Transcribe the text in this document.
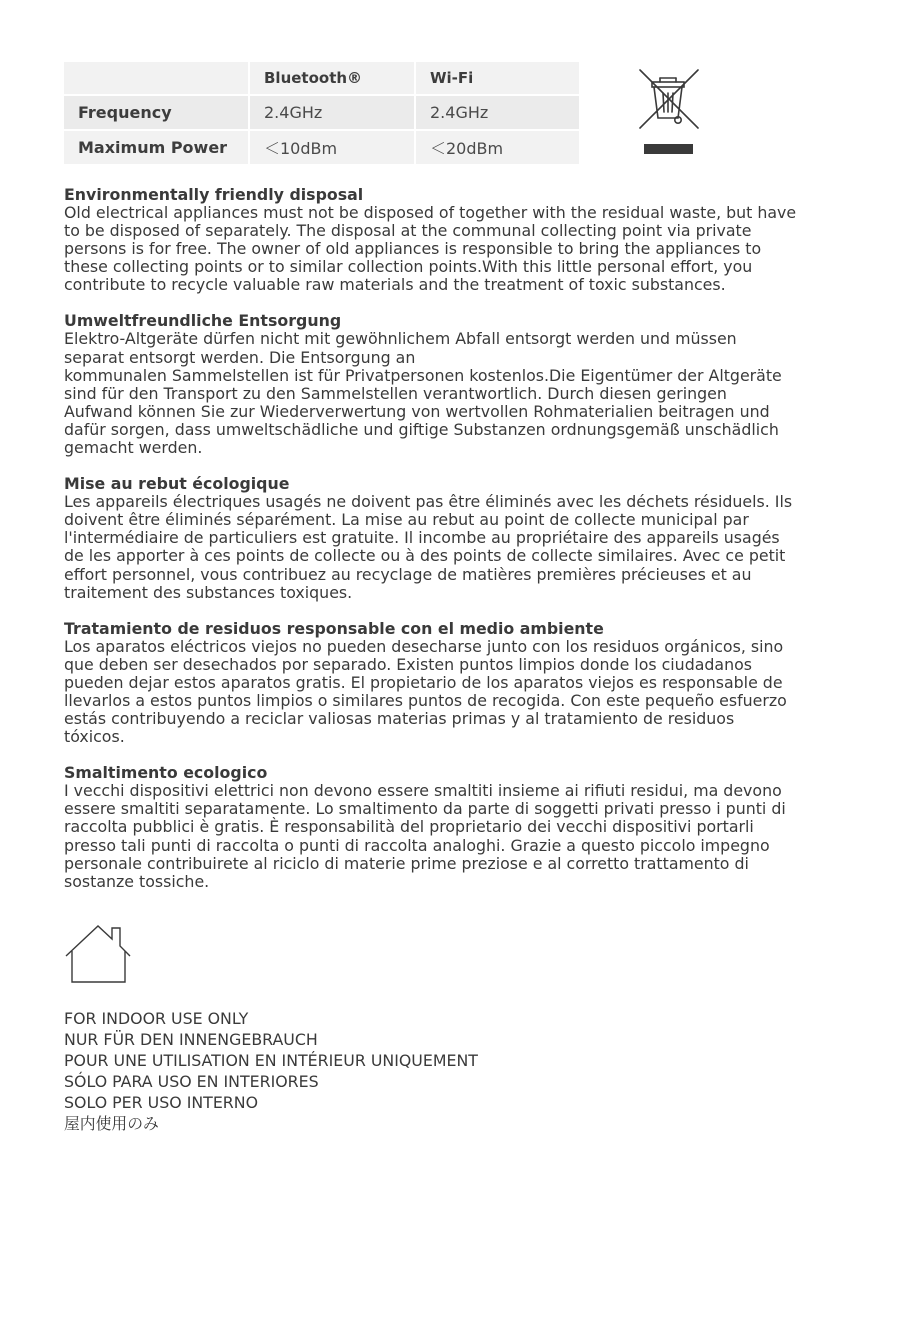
	Bluetooth®	Wi-Fi
Frequency	2.4GHz	2.4GHz
Maximum Power	＜10dBm	＜20dBm
Environmentally friendly disposal

Old electrical appliances must not be disposed of together with the residual waste, but have
to be disposed of separately. The disposal at the communal collecting point via private
persons is for free. The owner of old appliances is responsible to bring the appliances to
these collecting points or to similar collection points.With this little personal effort, you
contribute to recycle valuable raw materials and the treatment of toxic substances.

Umweltfreundliche Entsorgung

Elektro-Altgeräte dürfen nicht mit gewöhnlichem Abfall entsorgt werden und müssen
separat entsorgt werden. Die Entsorgung an
kommunalen Sammelstellen ist für Privatpersonen kostenlos.Die Eigentümer der Altgeräte
sind für den Transport zu den Sammelstellen verantwortlich. Durch diesen geringen
Aufwand können Sie zur Wiederverwertung von wertvollen Rohmaterialien beitragen und
dafür sorgen, dass umweltschädliche und giftige Substanzen ordnungsgemäß unschädlich
gemacht werden.

Mise au rebut écologique

Les appareils électriques usagés ne doivent pas être éliminés avec les déchets résiduels. Ils
doivent être éliminés séparément. La mise au rebut au point de collecte municipal par
l'intermédiaire de particuliers est gratuite. Il incombe au propriétaire des appareils usagés
de les apporter à ces points de collecte ou à des points de collecte similaires. Avec ce petit
effort personnel, vous contribuez au recyclage de matières premières précieuses et au
traitement des substances toxiques.

Tratamiento de residuos responsable con el medio ambiente

Los aparatos eléctricos viejos no pueden desecharse junto con los residuos orgánicos, sino
que deben ser desechados por separado. Existen puntos limpios donde los ciudadanos
pueden dejar estos aparatos gratis. El propietario de los aparatos viejos es responsable de
llevarlos a estos puntos limpios o similares puntos de recogida. Con este pequeño esfuerzo
estás contribuyendo a reciclar valiosas materias primas y al tratamiento de residuos
tóxicos.

Smaltimento ecologico

I vecchi dispositivi elettrici non devono essere smaltiti insieme ai rifiuti residui, ma devono
essere smaltiti separatamente. Lo smaltimento da parte di soggetti privati presso i punti di
raccolta pubblici è gratis. È responsabilità del proprietario dei vecchi dispositivi portarli
presso tali punti di raccolta o punti di raccolta analoghi. Grazie a questo piccolo impegno
personale contribuirete al riciclo di materie prime preziose e al corretto trattamento di
sostanze tossiche.

FOR INDOOR USE ONLY
NUR FÜR DEN INNENGEBRAUCH
POUR UNE UTILISATION EN INTÉRIEUR UNIQUEMENT
SÓLO PARA USO EN INTERIORES
SOLO PER USO INTERNO
屋内使用のみ
